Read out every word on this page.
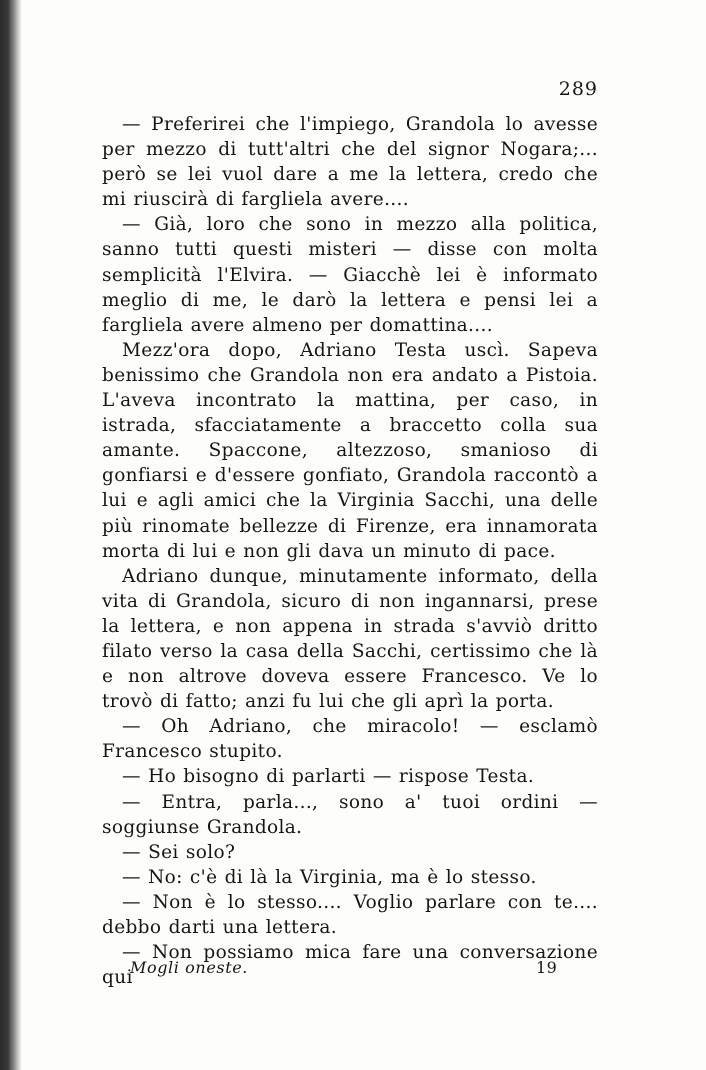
289

— Preferirei che l'impiego, Grandola lo avesse per mezzo di tutt'altri che del signor Nogara;... però se lei vuol dare a me la lettera, credo che mi riuscirà di fargliela avere....

— Già, loro che sono in mezzo alla politica, sanno tutti questi misteri — disse con molta semplicità l'Elvira. — Giacchè lei è informato meglio di me, le darò la lettera e pensi lei a fargliela avere almeno per domattina....

Mezz'ora dopo, Adriano Testa uscì. Sapeva benissimo che Grandola non era andato a Pistoia. L'aveva incontrato la mattina, per caso, in istrada, sfacciatamente a braccetto colla sua amante. Spaccone, altezzoso, smanioso di gonfiarsi e d'essere gonfiato, Grandola raccontò a lui e agli amici che la Virginia Sacchi, una delle più rinomate bellezze di Firenze, era innamorata morta di lui e non gli dava un minuto di pace.

Adriano dunque, minutamente informato, della vita di Grandola, sicuro di non ingannarsi, prese la lettera, e non appena in strada s'avviò dritto filato verso la casa della Sacchi, certissimo che là e non altrove doveva essere Francesco. Ve lo trovò di fatto; anzi fu lui che gli aprì la porta.

— Oh Adriano, che miracolo! — esclamò Francesco stupito.

— Ho bisogno di parlarti — rispose Testa.

— Entra, parla..., sono a' tuoi ordini — soggiunse Grandola.

— Sei solo?

— No: c'è di là la Virginia, ma è lo stesso.

— Non è lo stesso.... Voglio parlare con te.... debbo darti una lettera.

— Non possiamo mica fare una conversazione qui

Mogli oneste.	19
